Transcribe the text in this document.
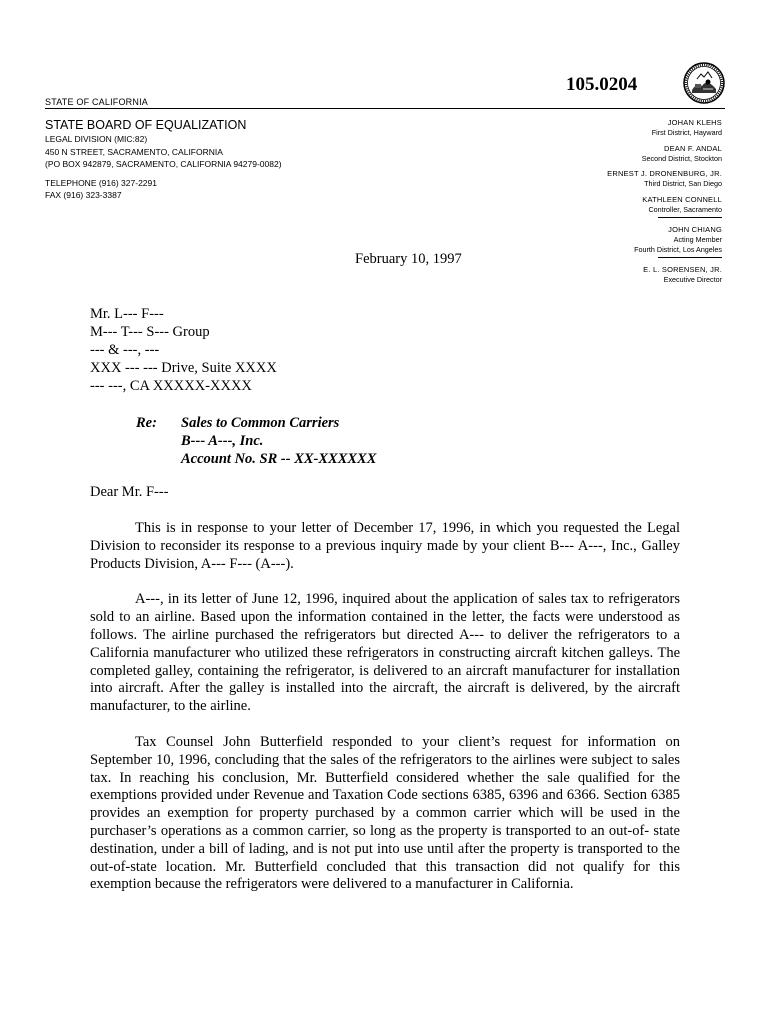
105.0204
STATE OF CALIFORNIA
STATE BOARD OF EQUALIZATION
LEGAL DIVISION (MIC:82)
450 N STREET, SACRAMENTO, CALIFORNIA
(PO BOX 942879, SACRAMENTO, CALIFORNIA 94279-0082)
TELEPHONE (916) 327-2291
FAX (916) 323-3387
JOHAN KLEHS
First District, Hayward
DEAN F. ANDAL
Second District, Stockton
ERNEST J. DRONENBURG, JR.
Third District, San Diego
KATHLEEN CONNELL
Controller, Sacramento
JOHN CHIANG
Acting Member
Fourth District, Los Angeles
E. L. SORENSEN, JR.
Executive Director
February 10, 1997
Mr. L--- F---
M--- T--- S--- Group
--- & ---, ---
XXX --- --- Drive, Suite XXXX
--- ---, CA XXXXX-XXXX
Re: Sales to Common Carriers
B--- A---, Inc.
Account No. SR -- XX-XXXXXX
Dear Mr. F---

This is in response to your letter of December 17, 1996, in which you requested the Legal Division to reconsider its response to a previous inquiry made by your client B--- A---, Inc., Galley Products Division, A--- F--- (A---).

A---, in its letter of June 12, 1996, inquired about the application of sales tax to refrigerators sold to an airline. Based upon the information contained in the letter, the facts were understood as follows. The airline purchased the refrigerators but directed A--- to deliver the refrigerators to a California manufacturer who utilized these refrigerators in constructing aircraft kitchen galleys. The completed galley, containing the refrigerator, is delivered to an aircraft manufacturer for installation into aircraft. After the galley is installed into the aircraft, the aircraft is delivered, by the aircraft manufacturer, to the airline.

Tax Counsel John Butterfield responded to your client’s request for information on September 10, 1996, concluding that the sales of the refrigerators to the airlines were subject to sales tax. In reaching his conclusion, Mr. Butterfield considered whether the sale qualified for the exemptions provided under Revenue and Taxation Code sections 6385, 6396 and 6366. Section 6385 provides an exemption for property purchased by a common carrier which will be used in the purchaser’s operations as a common carrier, so long as the property is transported to an out-of- state destination, under a bill of lading, and is not put into use until after the property is transported to the out-of-state location. Mr. Butterfield concluded that this transaction did not qualify for this exemption because the refrigerators were delivered to a manufacturer in California.
